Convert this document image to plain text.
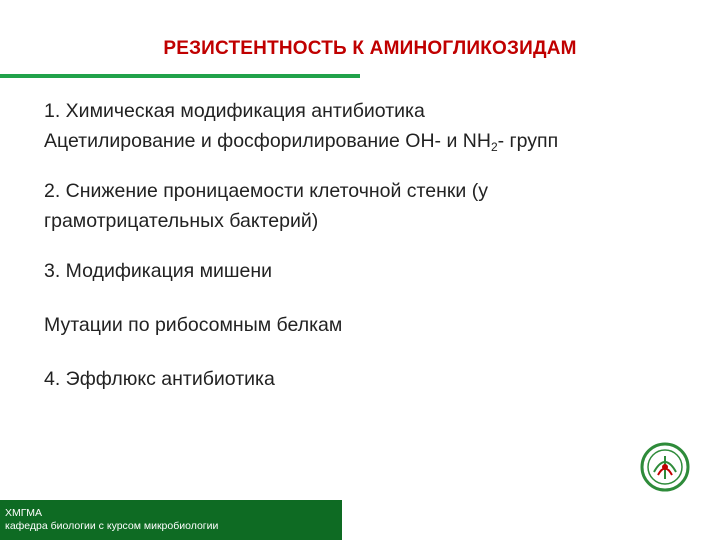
РЕЗИСТЕНТНОСТЬ К АМИНОГЛИКОЗИДАМ

1. Химическая модификация антибиотика

Ацетилирование и фосфорилирование ОН- и $NH_2-$ групп

2. Снижение проницаемости клеточной стенки (у

грамотрицательных бактерий)

3. Модификация мишени

Мутации по рибосомным белкам

4. Эффлюкс антибиотика

ХМГМА
кафедра биологии с курсом микробиологии
